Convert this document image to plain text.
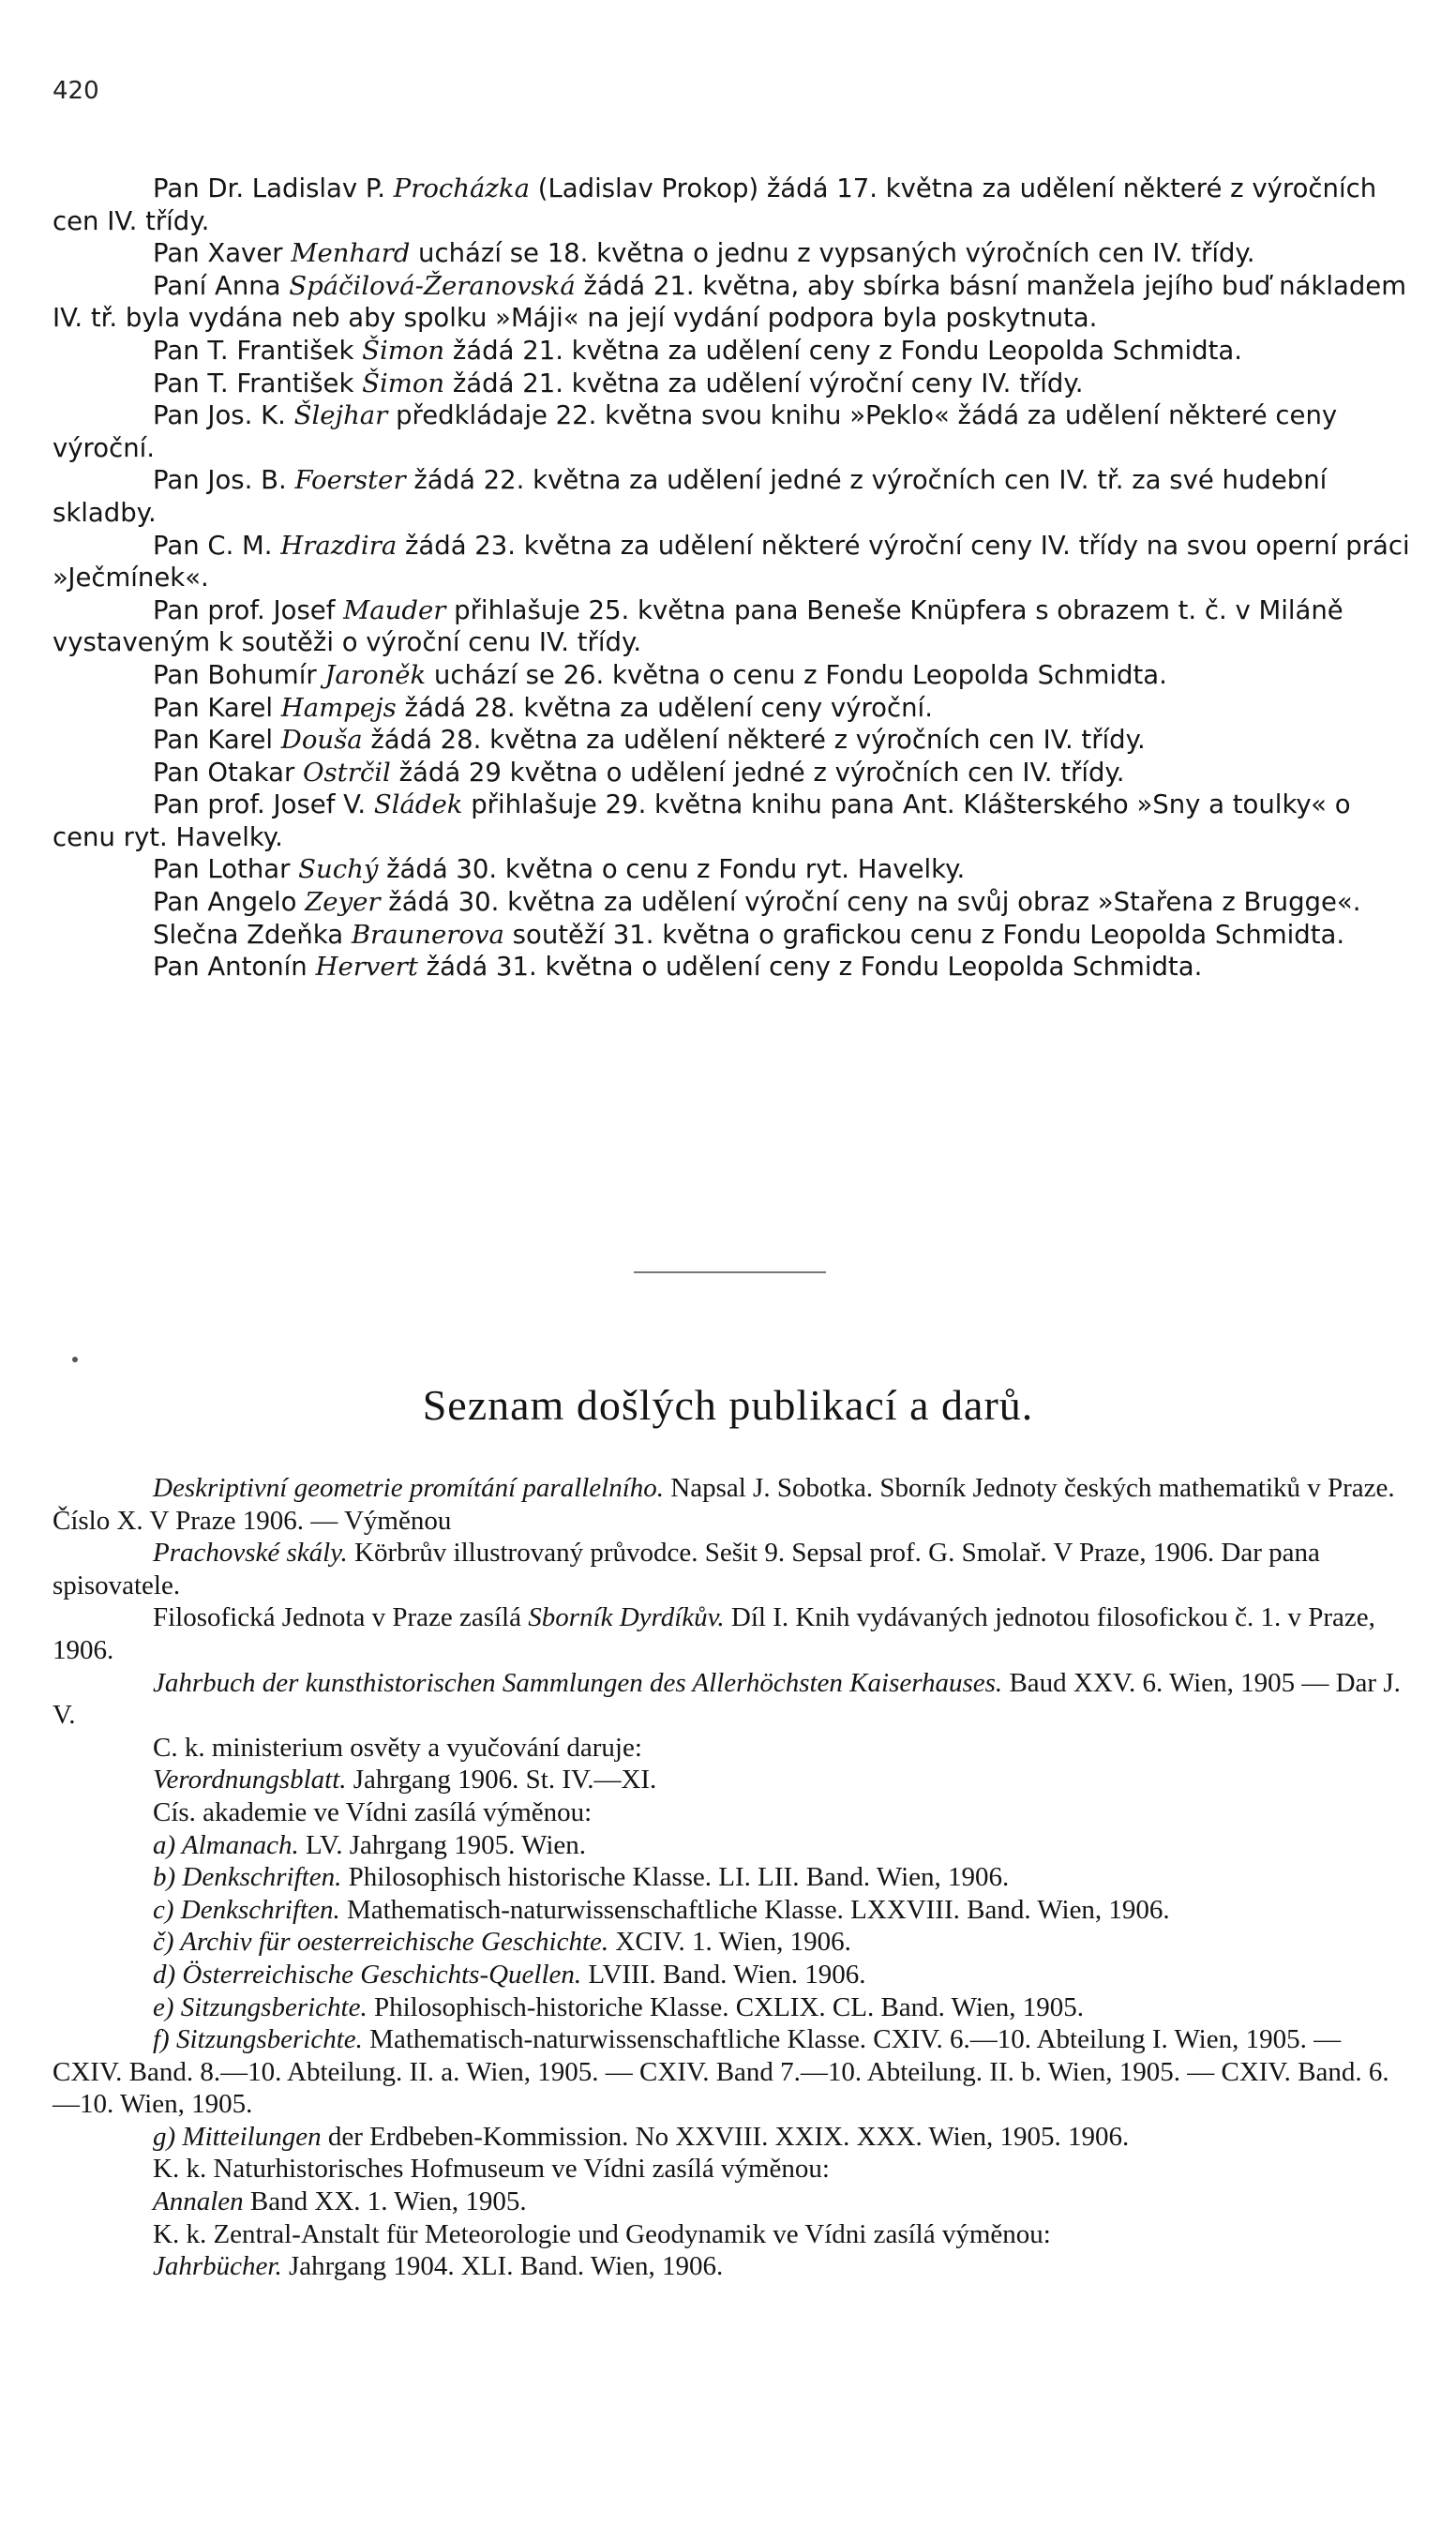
420

Pan Dr. Ladislav P. Procházka (Ladislav Prokop) žádá 17. května za udělení některé z výročních cen IV. třídy.

Pan Xaver Menhard uchází se 18. května o jednu z vypsaných výročních cen IV. třídy.

Paní Anna Spáčilová-Žeranovská žádá 21. května, aby sbírka básní manžela jejího buď nákladem IV. tř. byla vydána neb aby spolku »Máji« na její vydání podpora byla poskytnuta.

Pan T. František Šimon žádá 21. května za udělení ceny z Fondu Leopolda Schmidta.

Pan T. František Šimon žádá 21. května za udělení výroční ceny IV. třídy.

Pan Jos. K. Šlejhar předkládaje 22. května svou knihu »Peklo« žádá za udělení některé ceny výroční.

Pan Jos. B. Foerster žádá 22. května za udělení jedné z výročních cen IV. tř. za své hudební skladby.

Pan C. M. Hrazdira žádá 23. května za udělení některé výroční ceny IV. třídy na svou operní práci »Ječmínek«.

Pan prof. Josef Mauder přihlašuje 25. května pana Beneše Knüpfera s obrazem t. č. v Miláně vystaveným k soutěži o výroční cenu IV. třídy.

Pan Bohumír Jaroněk uchází se 26. května o cenu z Fondu Leopolda Schmidta.

Pan Karel Hampejs žádá 28. května za udělení ceny výroční.

Pan Karel Douša žádá 28. května za udělení některé z výročních cen IV. třídy.

Pan Otakar Ostrčil žádá 29 května o udělení jedné z výročních cen IV. třídy.

Pan prof. Josef V. Sládek přihlašuje 29. května knihu pana Ant. Klášterského »Sny a toulky« o cenu ryt. Havelky.

Pan Lothar Suchý žádá 30. května o cenu z Fondu ryt. Havelky.

Pan Angelo Zeyer žádá 30. května za udělení výroční ceny na svůj obraz »Stařena z Brugge«.

Slečna Zdeňka Braunerova soutěží 31. května o grafickou cenu z Fondu Leopolda Schmidta.

Pan Antonín Hervert žádá 31. května o udělení ceny z Fondu Leopolda Schmidta.

Seznam došlých publikací a darů.

Deskriptivní geometrie promítání parallelního. Napsal J. Sobotka. Sborník Jednoty českých mathematiků v Praze. Číslo X. V Praze 1906. — Výměnou

Prachovské skály. Körbrův illustrovaný průvodce. Sešit 9. Sepsal prof. G. Smolař. V Praze, 1906. Dar pana spisovatele.

Filosofická Jednota v Praze zasílá Sborník Dyrdíkův. Díl I. Knih vydávaných jednotou filosofickou č. 1. v Praze, 1906.

Jahrbuch der kunsthistorischen Sammlungen des Allerhöchsten Kaiserhauses. Baud XXV. 6. Wien, 1905 — Dar J. V.

C. k. ministerium osvěty a vyučování daruje:

Verordnungsblatt. Jahrgang 1906. St. IV.—XI.

Cís. akademie ve Vídni zasílá výměnou:

a) Almanach. LV. Jahrgang 1905. Wien.

b) Denkschriften. Philosophisch historische Klasse. LI. LII. Band. Wien, 1906.

c) Denkschriften. Mathematisch-naturwissenschaftliche Klasse. LXXVIII. Band. Wien, 1906.

č) Archiv für oesterreichische Geschichte. XCIV. 1. Wien, 1906.

d) Österreichische Geschichts-Quellen. LVIII. Band. Wien. 1906.

e) Sitzungsberichte. Philosophisch-historiche Klasse. CXLIX. CL. Band. Wien, 1905.

f) Sitzungsberichte. Mathematisch-naturwissenschaftliche Klasse. CXIV. 6.—10. Abteilung I. Wien, 1905. — CXIV. Band. 8.—10. Abteilung. II. a. Wien, 1905. — CXIV. Band 7.—10. Abteilung. II. b. Wien, 1905. — CXIV. Band. 6.—10. Wien, 1905.

g) Mitteilungen der Erdbeben-Kommission. No XXVIII. XXIX. XXX. Wien, 1905. 1906.

K. k. Naturhistorisches Hofmuseum ve Vídni zasílá výměnou:

Annalen Band XX. 1. Wien, 1905.

K. k. Zentral-Anstalt für Meteorologie und Geodynamik ve Vídni zasílá výměnou:

Jahrbücher. Jahrgang 1904. XLI. Band. Wien, 1906.
